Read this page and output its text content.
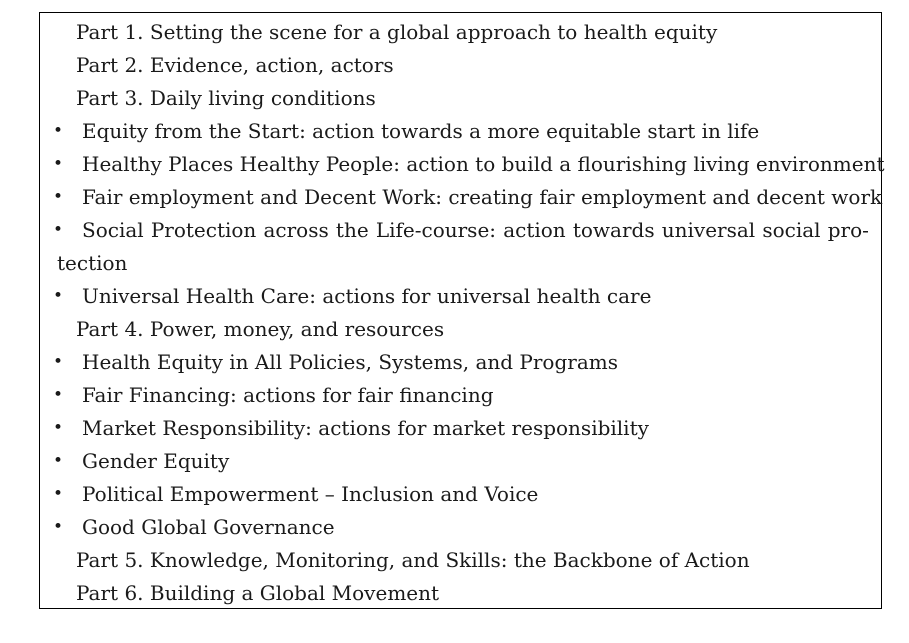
Part 1. Setting the scene for a global approach to health equity
Part 2. Evidence, action, actors
Part 3. Daily living conditions
• Equity from the Start: action towards a more equitable start in life
• Healthy Places Healthy People: action to build a flourishing living environment
• Fair employment and Decent Work: creating fair employment and decent work
• Social Protection across the Life-course: action towards universal social pro-
tection
• Universal Health Care: actions for universal health care
Part 4. Power, money, and resources
• Health Equity in All Policies, Systems, and Programs
• Fair Financing: actions for fair financing
• Market Responsibility: actions for market responsibility
• Gender Equity
• Political Empowerment – Inclusion and Voice
• Good Global Governance
Part 5. Knowledge, Monitoring, and Skills: the Backbone of Action
Part 6. Building a Global Movement
